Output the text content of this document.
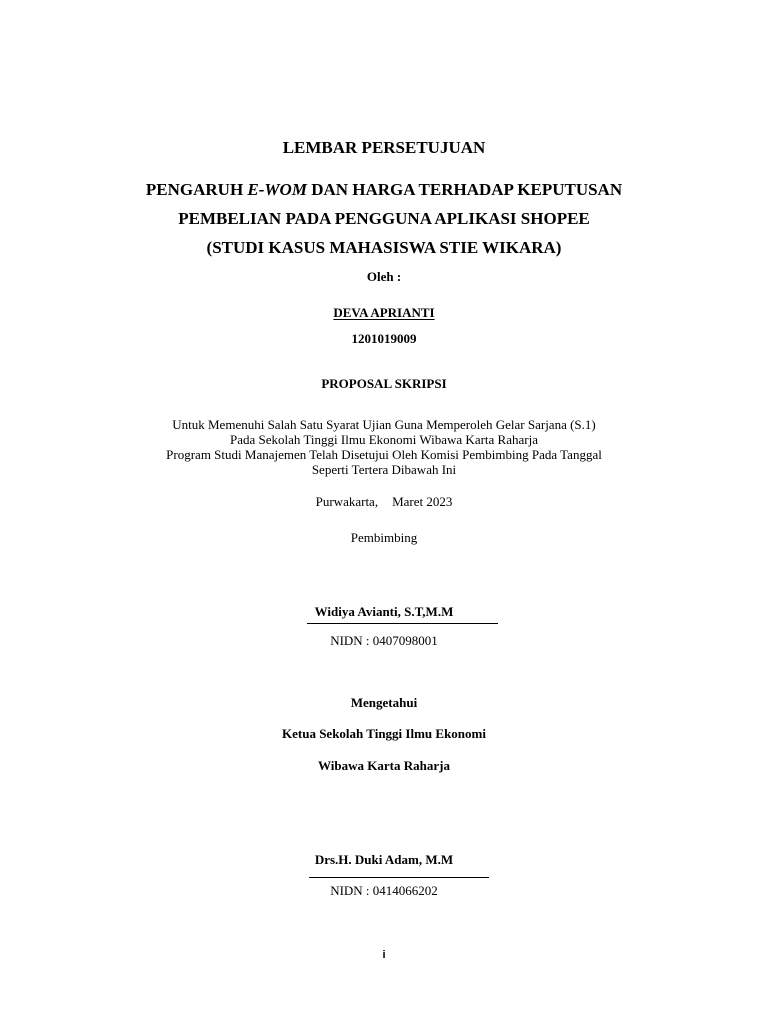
LEMBAR PERSETUJUAN
PENGARUH E-WOM DAN HARGA TERHADAP KEPUTUSAN
PEMBELIAN PADA PENGGUNA APLIKASI SHOPEE
(STUDI KASUS MAHASISWA STIE WIKARA)
Oleh :
DEVA APRIANTI
1201019009
PROPOSAL SKRIPSI
Untuk Memenuhi Salah Satu Syarat Ujian Guna Memperoleh Gelar Sarjana (S.1)
Pada Sekolah Tinggi Ilmu Ekonomi Wibawa Karta Raharja
Program Studi Manajemen Telah Disetujui Oleh Komisi Pembimbing Pada Tanggal
Seperti Tertera Dibawah Ini
Purwakarta, Maret 2023
Pembimbing
Widiya Avianti, S.T,M.M
NIDN : 0407098001
Mengetahui
Ketua Sekolah Tinggi Ilmu Ekonomi
Wibawa Karta Raharja
Drs.H. Duki Adam, M.M
NIDN : 0414066202
i
